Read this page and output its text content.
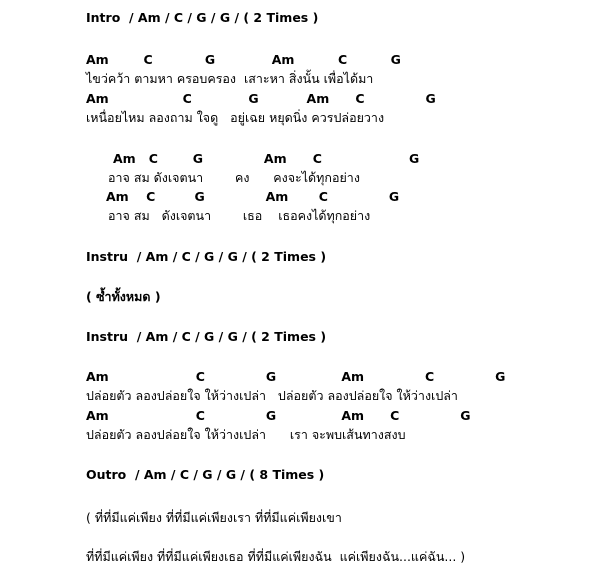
Intro  / Am / C / G / G / ( 2 Times )
Am        C            G             Am          C          G
ไขว่คว้า ตามหา ครอบครอง  เสาะหา สิ่งนั้น เพื่อได้มา
Am                 C             G           Am      C              G
เหนื่อยไหม ลองถาม ใจดู   อยู่เฉย หยุดนิ่ง ควรปล่อยวาง
Am   C        G              Am      C                    G
อาจ สม ดังเจตนา        คง      คงจะได้ทุกอย่าง
Am    C         G              Am       C              G
อาจ สม   ดังเจตนา        เธอ    เธอคงได้ทุกอย่าง
Instru  / Am / C / G / G / ( 2 Times )
( ซ้ำทั้งหมด )
Instru  / Am / C / G / G / ( 2 Times )
Am                    C              G               Am              C              G
ปล่อยตัว ลองปล่อยใจ ให้ว่างเปล่า   ปล่อยตัว ลองปล่อยใจ ให้ว่างเปล่า
Am                    C              G               Am      C              G
ปล่อยตัว ลองปล่อยใจ ให้ว่างเปล่า      เรา จะพบเส้นทางสงบ
Outro  / Am / C / G / G / ( 8 Times )
( ที่ที่มีแค่เพียง ที่ที่มีแค่เพียงเรา ที่ที่มีแค่เพียงเขา
ที่ที่มีแค่เพียง ที่ที่มีแค่เพียงเธอ ที่ที่มีแค่เพียงฉัน  แค่เพียงฉัน...แค่ฉัน... )
